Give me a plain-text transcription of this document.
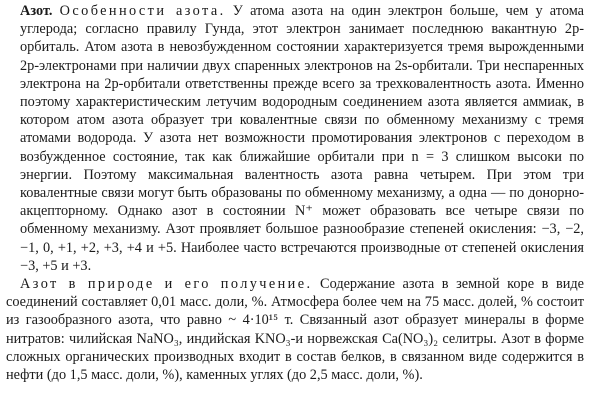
Азот. Особенности азота. У атома азота на один электрон больше, чем у атома углерода; согласно правилу Гунда, этот электрон занимает последнюю вакантную 2p-орбиталь. Атом азота в невозбужденном состоянии характеризуется тремя вырожденными 2p-электронами при наличии двух спаренных электронов на 2s-орбитали. Три неспаренных электрона на 2p-орбитали ответственны прежде всего за трехковалентность азота. Именно поэтому характеристическим летучим водородным соединением азота является аммиак, в котором атом азота образует три ковалентные связи по обменному механизму с тремя атомами водорода. У азота нет возможности промотирования электронов с переходом в возбужденное состояние, так как ближайшие орбитали при n = 3 слишком высоки по энергии. Поэтому максимальная валентность азота равна четырем. При этом три ковалентные связи могут быть образованы по обменному механизму, а одна — по донорно-акцепторному. Однако азот в состоянии N⁺ может образовать все четыре связи по обменному механизму. Азот проявляет большое разнообразие степеней окисления: −3, −2, −1, 0, +1, +2, +3, +4 и +5. Наиболее часто встречаются производные от степеней окисления −3, +5 и +3.

Азот в природе и его получение. Содержание азота в земной коре в виде соединений составляет 0,01 масс. доли, %. Атмосфера более чем на 75 масс. долей, % состоит из газообразного азота, что равно ~ 4·10¹⁵ т. Связанный азот образует минералы в форме нитратов: чилийская NaNO₃, индийская KNO₃-и норвежская Ca(NO₃)₂ селитры. Азот в форме сложных органических производных входит в состав белков, в связанном виде содержится в нефти (до 1,5 масс. доли, %), каменных углях (до 2,5 масс. доли, %).
